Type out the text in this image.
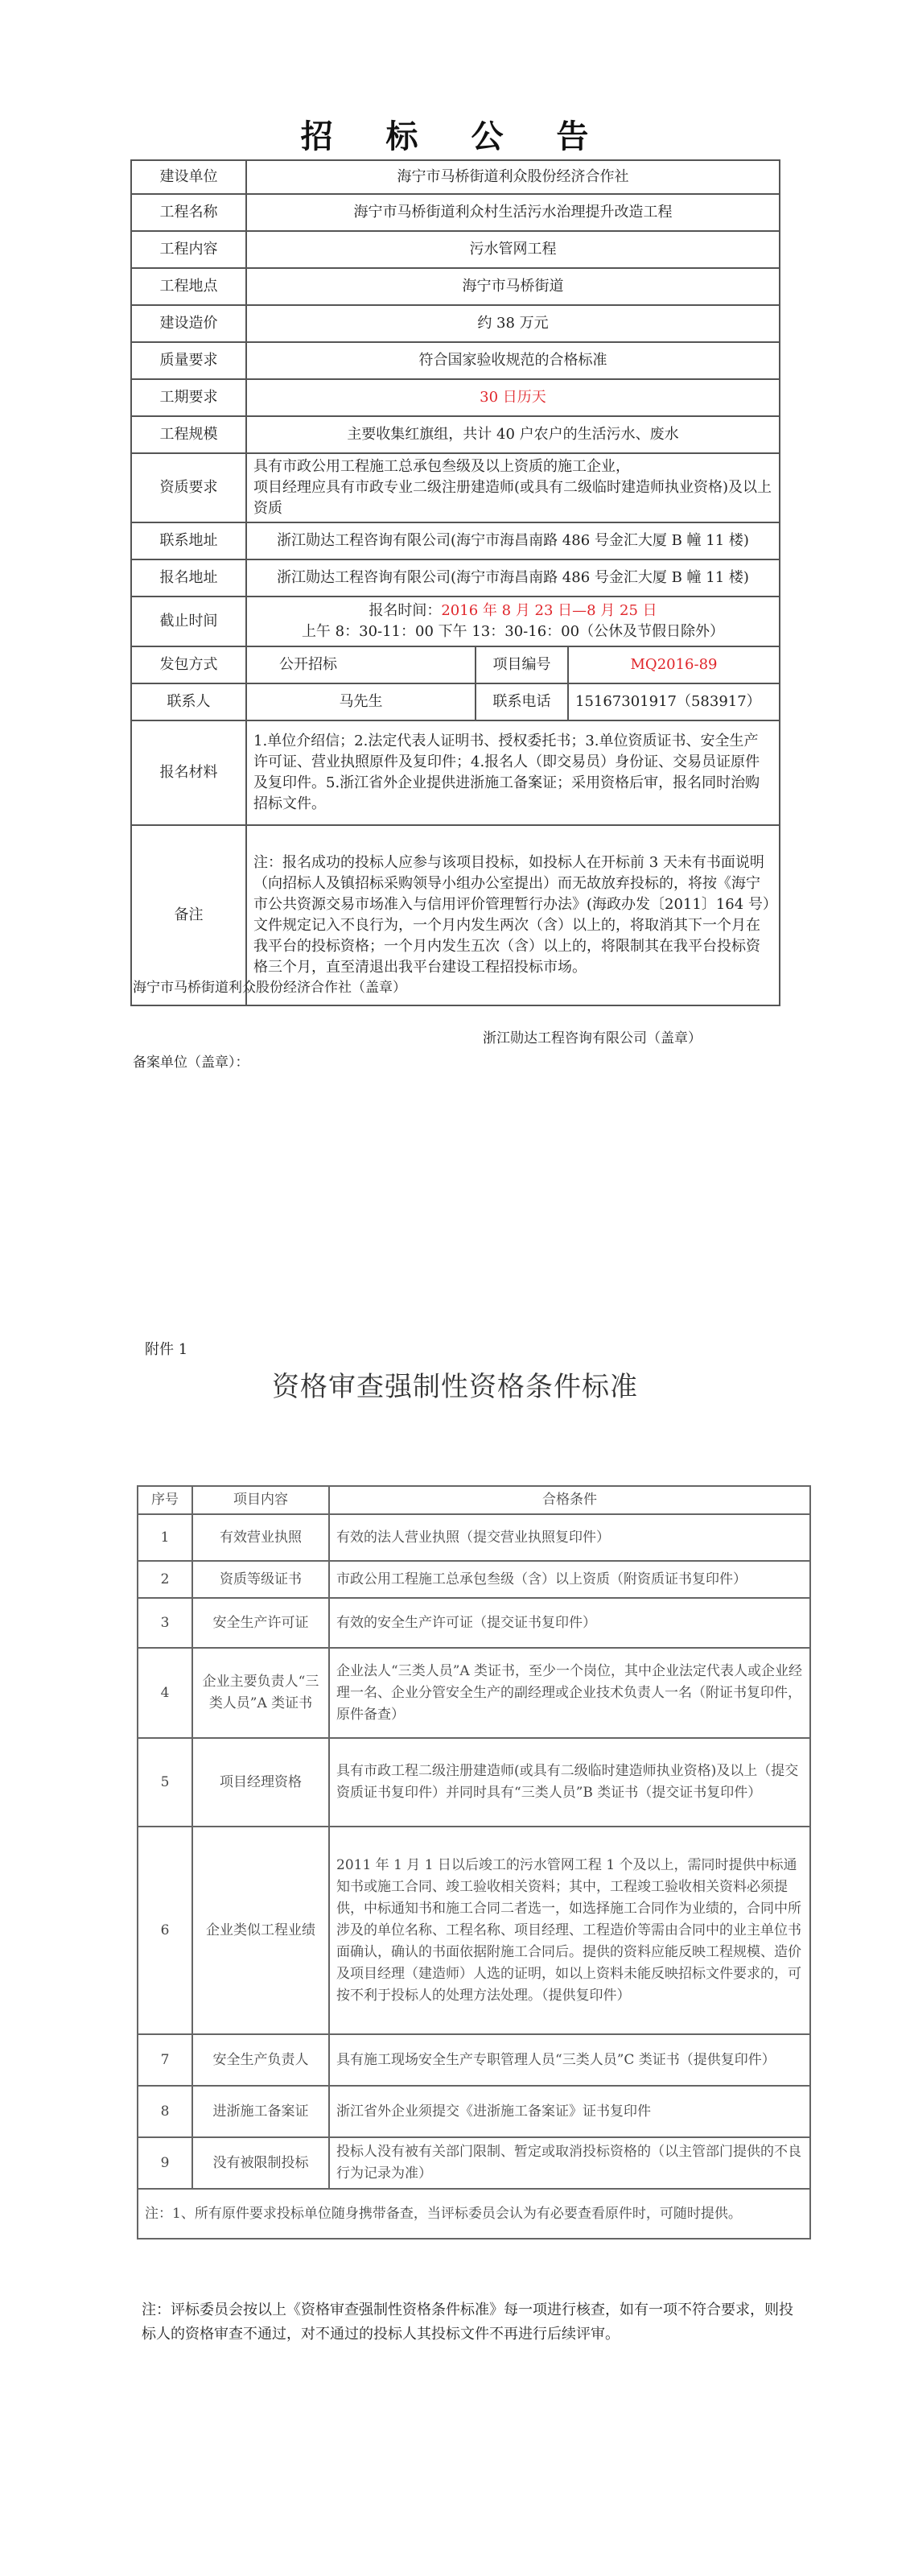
招 标 公 告
建设单位	海宁市马桥街道利众股份经济合作社		
工程名称	海宁市马桥街道利众村生活污水治理提升改造工程		
工程内容	污水管网工程		
工程地点	海宁市马桥街道		
建设造价	约 38 万元		
质量要求	符合国家验收规范的合格标准		
工期要求	30 日历天		
工程规模	主要收集红旗组，共计 40 户农户的生活污水、废水		
资质要求	具有市政公用工程施工总承包叁级及以上资质的施工企业，
项目经理应具有市政专业二级注册建造师(或具有二级临时建造师执业资格)及以上资质		

联系地址	浙江勋达工程咨询有限公司(海宁市海昌南路 486 号金汇大厦 B 幢 11 楼)		
报名地址	浙江勋达工程咨询有限公司(海宁市海昌南路 486 号金汇大厦 B 幢 11 楼)		
截止时间	报名时间：2016 年 8 月 23 日—8 月 25 日
上午 8：30-11：00 下午 13：30-16：00（公休及节假日除外）		

发包方式	公开招标	项目编号	MQ2016-89
联系人	马先生	联系电话	15167301917（583917）
报名材料	1.单位介绍信；2.法定代表人证明书、授权委托书；3.单位资质证书、安全生产许可证、营业执照原件及复印件；4.报名人（即交易员）身份证、交易员证原件及复印件。5.浙江省外企业提供进浙施工备案证；采用资格后审，报名同时治购招标文件。		
备注	注：报名成功的投标人应参与该项目投标，如投标人在开标前 3 天未有书面说明（向招标人及镇招标采购领导小组办公室提出）而无故放弃投标的，将按《海宁市公共资源交易市场准入与信用评价管理暂行办法》(海政办发〔2011〕164 号）文件规定记入不良行为，一个月内发生两次（含）以上的，将取消其下一个月在我平台的投标资格；一个月内发生五次（含）以上的，将限制其在我平台投标资格三个月，直至清退出我平台建设工程招投标市场。		
海宁市马桥街道利众股份经济合作社（盖章）
浙江勋达工程咨询有限公司（盖章）
备案单位（盖章）：
附件 1
资格审查强制性资格条件标准
序号	项目内容	合格条件
1	有效营业执照	有效的法人营业执照（提交营业执照复印件）
2	资质等级证书	市政公用工程施工总承包叁级（含）以上资质（附资质证书复印件）
3	安全生产许可证	有效的安全生产许可证（提交证书复印件）
4	企业主要负责人“三类人员”A 类证书	企业法人“三类人员”A 类证书，至少一个岗位，其中企业法定代表人或企业经理一名、企业分管安全生产的副经理或企业技术负责人一名（附证书复印件，原件备查）
5	项目经理资格	具有市政工程二级注册建造师(或具有二级临时建造师执业资格)及以上（提交资质证书复印件）并同时具有“三类人员”B 类证书（提交证书复印件）
6	企业类似工程业绩	2011 年 1 月 1 日以后竣工的污水管网工程 1 个及以上，需同时提供中标通知书或施工合同、竣工验收相关资料；其中，工程竣工验收相关资料必须提供，中标通知书和施工合同二者选一，如选择施工合同作为业绩的，合同中所涉及的单位名称、工程名称、项目经理、工程造价等需由合同中的业主单位书面确认，确认的书面依据附施工合同后。提供的资料应能反映工程规模、造价及项目经理（建造师）人选的证明，如以上资料未能反映招标文件要求的，可按不利于投标人的处理方法处理。（提供复印件）
7	安全生产负责人	具有施工现场安全生产专职管理人员“三类人员”C 类证书（提供复印件）
8	进浙施工备案证	浙江省外企业须提交《进浙施工备案证》证书复印件
9	没有被限制投标	投标人没有被有关部门限制、暂定或取消投标资格的（以主管部门提供的不良行为记录为准）
注：1、所有原件要求投标单位随身携带备查，当评标委员会认为有必要查看原件时，可随时提供。		
注：评标委员会按以上《资格审查强制性资格条件标准》每一项进行核查，如有一项不符合要求，则投标人的资格审查不通过，对不通过的投标人其投标文件不再进行后续评审。
